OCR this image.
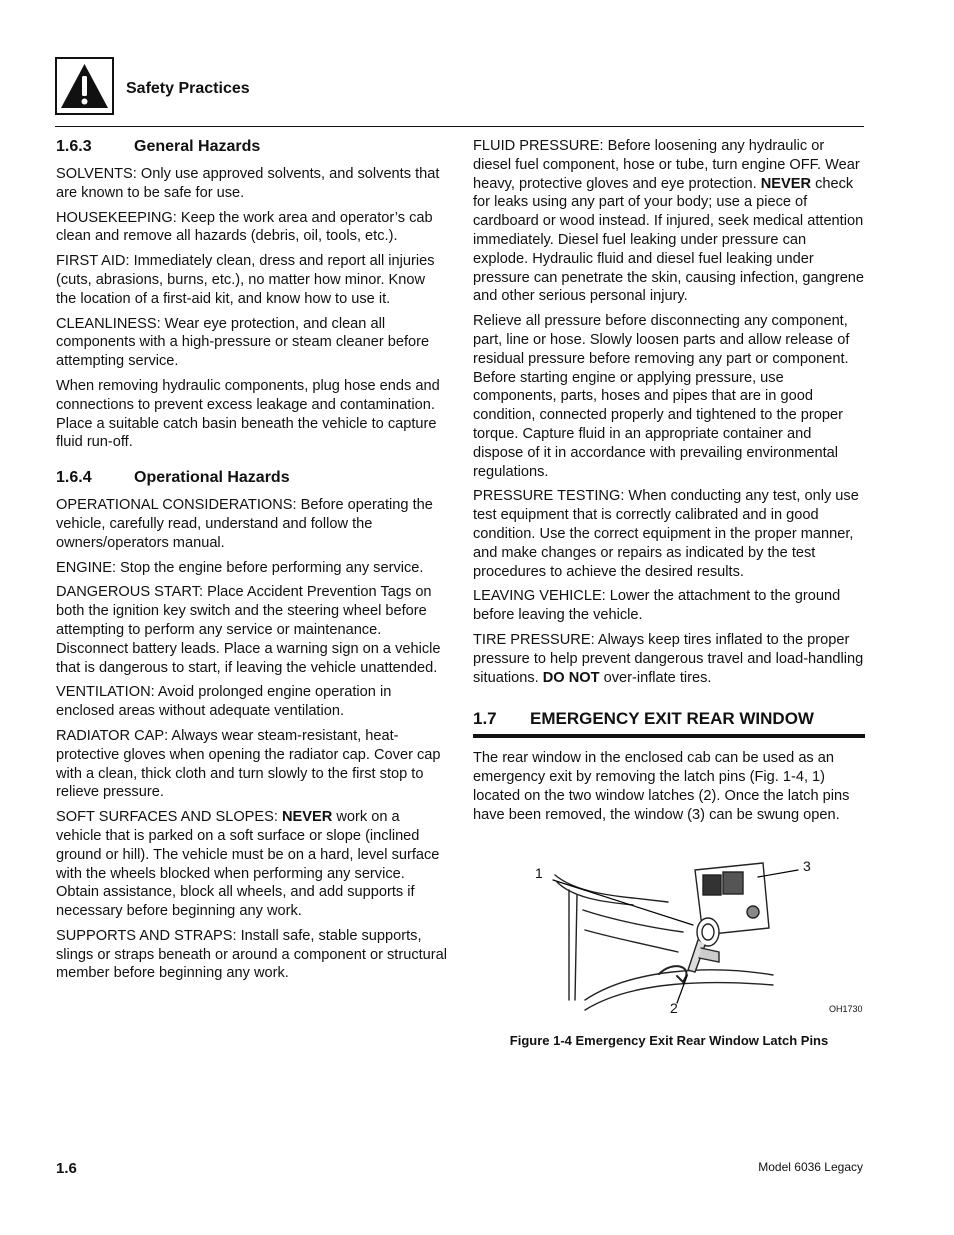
Safety Practices
1.6.3	General Hazards

SOLVENTS: Only use approved solvents, and solvents that are known to be safe for use.

HOUSEKEEPING: Keep the work area and operator’s cab clean and remove all hazards (debris, oil, tools, etc.).

FIRST AID: Immediately clean, dress and report all injuries (cuts, abrasions, burns, etc.), no matter how minor. Know the location of a first-aid kit, and know how to use it.

CLEANLINESS: Wear eye protection, and clean all components with a high-pressure or steam cleaner before attempting service.

When removing hydraulic components, plug hose ends and connections to prevent excess leakage and contamination. Place a suitable catch basin beneath the vehicle to capture fluid run-off.

1.6.4	Operational Hazards

OPERATIONAL CONSIDERATIONS: Before operating the vehicle, carefully read, understand and follow the owners/operators manual.

ENGINE: Stop the engine before performing any service.

DANGEROUS START: Place Accident Prevention Tags on both the ignition key switch and the steering wheel before attempting to perform any service or maintenance. Disconnect battery leads. Place a warning sign on a vehicle that is dangerous to start, if leaving the vehicle unattended.

VENTILATION: Avoid prolonged engine operation in enclosed areas without adequate ventilation.

RADIATOR CAP: Always wear steam-resistant, heat-protective gloves when opening the radiator cap. Cover cap with a clean, thick cloth and turn slowly to the first stop to relieve pressure.

SOFT SURFACES AND SLOPES: NEVER work on a vehicle that is parked on a soft surface or slope (inclined ground or hill). The vehicle must be on a hard, level surface with the wheels blocked when performing any service. Obtain assistance, block all wheels, and add supports if necessary before beginning any work.

SUPPORTS AND STRAPS: Install safe, stable supports, slings or straps beneath or around a component or structural member before beginning any work.

FLUID PRESSURE: Before loosening any hydraulic or diesel fuel component, hose or tube, turn engine OFF. Wear heavy, protective gloves and eye protection. NEVER check for leaks using any part of your body; use a piece of cardboard or wood instead. If injured, seek medical attention immediately. Diesel fuel leaking under pressure can explode. Hydraulic fluid and diesel fuel leaking under pressure can penetrate the skin, causing infection, gangrene and other serious personal injury.

Relieve all pressure before disconnecting any component, part, line or hose. Slowly loosen parts and allow release of residual pressure before removing any part or component. Before starting engine or applying pressure, use components, parts, hoses and pipes that are in good condition, connected properly and tightened to the proper torque. Capture fluid in an appropriate container and dispose of it in accordance with prevailing environmental regulations.

PRESSURE TESTING: When conducting any test, only use test equipment that is correctly calibrated and in good condition. Use the correct equipment in the proper manner, and make changes or repairs as indicated by the test procedures to achieve the desired results.

LEAVING VEHICLE: Lower the attachment to the ground before leaving the vehicle.

TIRE PRESSURE: Always keep tires inflated to the proper pressure to help prevent dangerous travel and load-handling situations. DO NOT over-inflate tires.

1.7 EMERGENCY EXIT REAR WINDOW

The rear window in the enclosed cab can be used as an emergency exit by removing the latch pins (Fig. 1-4, 1) located on the two window latches (2). Once the latch pins have been removed, the window (3) can be swung open.

1
2
3
OH1730
Figure 1-4 Emergency Exit Rear Window Latch Pins
1.6	Model 6036 Legacy
